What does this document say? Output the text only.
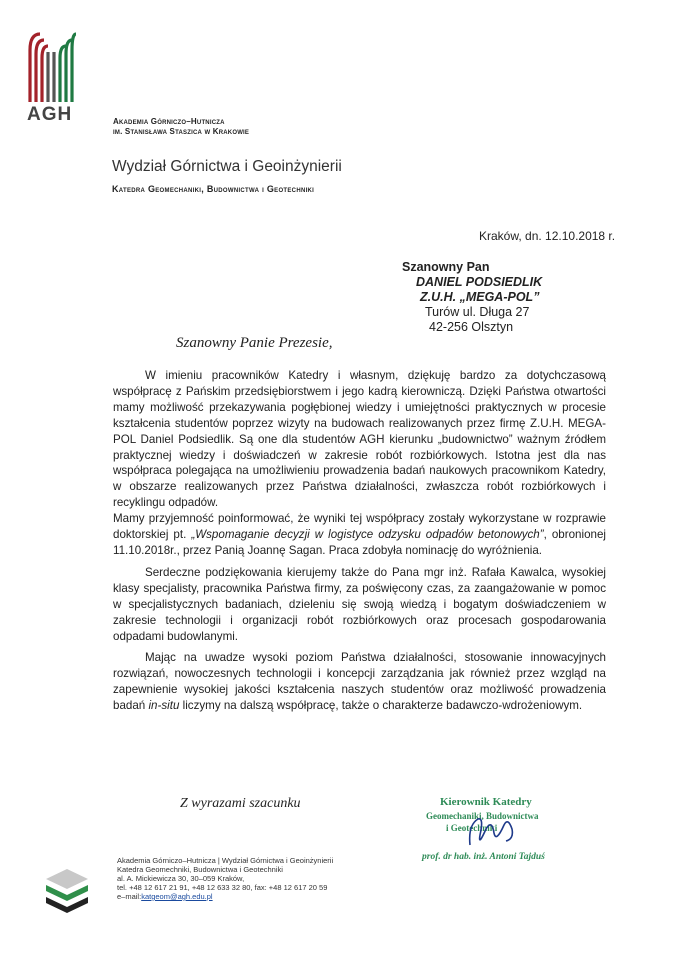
AGH	Akademia Górniczo–Hutnicza
im. Stanisława Staszica w Krakowie
Wydział Górnictwa i Geoinżynierii
Katedra Geomechaniki, Budownictwa i Geotechniki
Kraków, dn. 12.10.2018 r.
Szanowny Pan
DANIEL PODSIEDLIK
Z.U.H. „MEGA-POL”
Turów ul. Długa 27
42-256 Olsztyn
Szanowny Panie Prezesie,

W imieniu pracowników Katedry i własnym, dziękuję bardzo za dotychczasową współpracę z Pańskim przedsiębiorstwem i jego kadrą kierowniczą. Dzięki Państwa otwartości mamy możliwość przekazywania pogłębionej wiedzy i umiejętności praktycznych w procesie kształcenia studentów poprzez wizyty na budowach realizowanych przez firmę Z.U.H. MEGA-POL Daniel Podsiedlik. Są one dla studentów AGH kierunku „budownictwo” ważnym źródłem praktycznej wiedzy i doświadczeń w zakresie robót rozbiórkowych. Istotna jest dla nas współpraca polegająca na umożliwieniu prowadzenia badań naukowych pracownikom Katedry, w obszarze realizowanych przez Państwa działalności, zwłaszcza robót rozbiórkowych i recyklingu odpadów.

Mamy przyjemność poinformować, że wyniki tej współpracy zostały wykorzystane w rozprawie doktorskiej pt. „Wspomaganie decyzji w logistyce odzysku odpadów betonowych”, obronionej 11.10.2018r., przez Panią Joannę Sagan. Praca zdobyła nominację do wyróżnienia.

Serdeczne podziękowania kierujemy także do Pana mgr inż. Rafała Kawalca, wysokiej klasy specjalisty, pracownika Państwa firmy, za poświęcony czas, za zaangażowanie w pomoc w specjalistycznych badaniach, dzieleniu się swoją wiedzą i bogatym doświadczeniem w zakresie technologii i organizacji robót rozbiórkowych oraz procesach gospodarowania odpadami budowlanymi.

Mając na uwadze wysoki poziom Państwa działalności, stosowanie innowacyjnych rozwiązań, nowoczesnych technologii i koncepcji zarządzania jak również przez wzgląd na zapewnienie wysokiej jakości kształcenia naszych studentów oraz możliwość prowadzenia badań in-situ liczymy na dalszą współpracę, także o charakterze badawczo-wdrożeniowym.

Z wyrazami szacunku	Kierownik Katedry
Geomechaniki, Budownictwa
i Geotechniki
prof. dr hab. inż. Antoni Tajduś
Akademia Górniczo–Hutnicza | Wydział Górnictwa i Geoinżynierii
Katedra Geomechniki, Budownictwa i Geotechniki
al. A. Mickiewicza 30, 30–059 Kraków,
tel. +48 12 617 21 91, +48 12 633 32 80, fax: +48 12 617 20 59
e–mail:katgeom@agh.edu.pl
